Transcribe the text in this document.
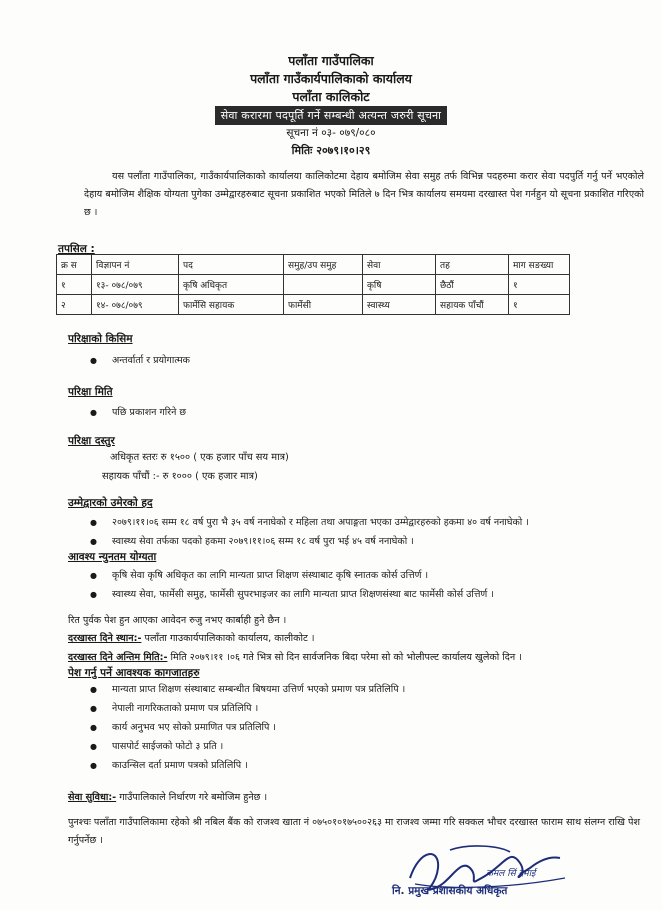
पलाँता गाउँपालिका
पलाँता गाउँकार्यपालिकाको कार्यालय
पलाँता कालिकोट
सेवा करारमा पदपूर्ति गर्ने सम्बन्धी अत्यन्त जरुरी सूचना
सूचना नं ०३- ०७९/०८०
मितिः २०७९।१०।२९
यस पलाँता गाउँपालिका, गाउँकार्यपालिकाको कार्यालया कालिकोटमा देहाय बमोजिम सेवा समुह तर्फ विभिन्न पदहरुमा करार सेवा पदपुर्ति गर्नु पर्ने भएकोले देहाय बमोजिम शैक्षिक योग्यता पुगेका उम्मेद्वारहरुबाट सूचना प्रकाशित भएको मितिले ७ दिन भित्र कार्यालय समयमा दरखास्त पेश गर्नहुन यो सूचना प्रकाशित गरिएको छ ।
तपसिल :
क्र स	विज्ञापन नं	पद	समुह/उप समुह	सेवा	तह	माग सङख्या
१	१३- ०७८/०७९	कृषि अधिकृत		कृषि	छैठौं	१
२	१४- ०७८/०७९	फार्मेसि सहायक	फार्मेसी	स्वास्थ्य	सहायक पाँचौं	१
परिक्षाको किसिम
● अन्तर्वार्ता र प्रयोगात्मक
परिक्षा मिति
● पछि प्रकाशन गरिने छ
परिक्षा दस्तुर
अधिकृत स्तरः रु १५०० ( एक हजार पाँच सय मात्र)
सहायक पाँचौं :- रु १००० ( एक हजार मात्र)
उम्मेद्वारको उमेरको हद
● २०७९।११।०६ सम्म १८ वर्ष पुरा भै ३५ वर्ष ननाघेको र महिला तथा अपाङ्गता भएका उम्मेद्वारहरुको हकमा ४० वर्ष ननाघेको ।
● स्वास्थ्य सेवा तर्फका पदको हकमा २०७९।११।०६ सम्म १८ वर्ष पुरा भई ४५ वर्ष ननाघेको ।
आवश्य न्युनतम योग्यता
● कृषि सेवा कृषि अधिकृत का लागि मान्यता प्राप्त शिक्षण संस्थाबाट कृषि स्नातक कोर्स उत्तिर्ण ।
● स्वास्थ्य सेवा, फार्मेसी समुह, फार्मेसी सुपरभाइजर का लागि मान्यता प्राप्त शिक्षणसंस्था बाट फार्मेसी कोर्स उत्तिर्ण ।
रित पुर्वक पेश हुन आएका आवेदन रुजु नभए कार्बाही हुने छैन ।
दरखास्त दिने स्थान:- पलाँता गाउकार्यपालिकाको कार्यालय, कालीकोट ।
दरखास्त दिने अन्तिम मिति:- मिति २०७९।११ ।०६ गते भित्र सो दिन सार्वजनिक बिदा परेमा सो को भोलीपल्ट कार्यालय खुलेको दिन ।
पेश गर्नु पर्ने आवश्यक कागजातहरु
● मान्यता प्राप्त शिक्षण संस्थाबाट सम्बन्धीत बिषयमा उत्तिर्ण भएको प्रमाण पत्र प्रतिलिपि ।
● नेपाली नागरिकताको प्रमाण पत्र प्रतिलिपि ।
● कार्य अनुभव भए सोको प्रमाणित पत्र प्रतिलिपि ।
● पासपोर्ट साईजको फोटो ३ प्रति ।
● काउन्सिल दर्ता प्रमाण पत्रको प्रतिलिपि ।
सेवा सुविधा:- गाउँपालिकाले निर्धारण गरे बमोजिम हुनेछ ।
पुनश्चः पलाँता गाउँपालिकामा रहेको श्री नबिल बैंक को राजश्व खाता नं ०७५०१०१७५००२६३ मा राजश्व जम्मा गरि सक्कल भौचर दरखास्त फाराम साथ संलग्न राखि पेश गर्नुपर्नेछ ।
कमल सिं दमाई
नि. प्रमुख प्रशासकीय अधिकृत
